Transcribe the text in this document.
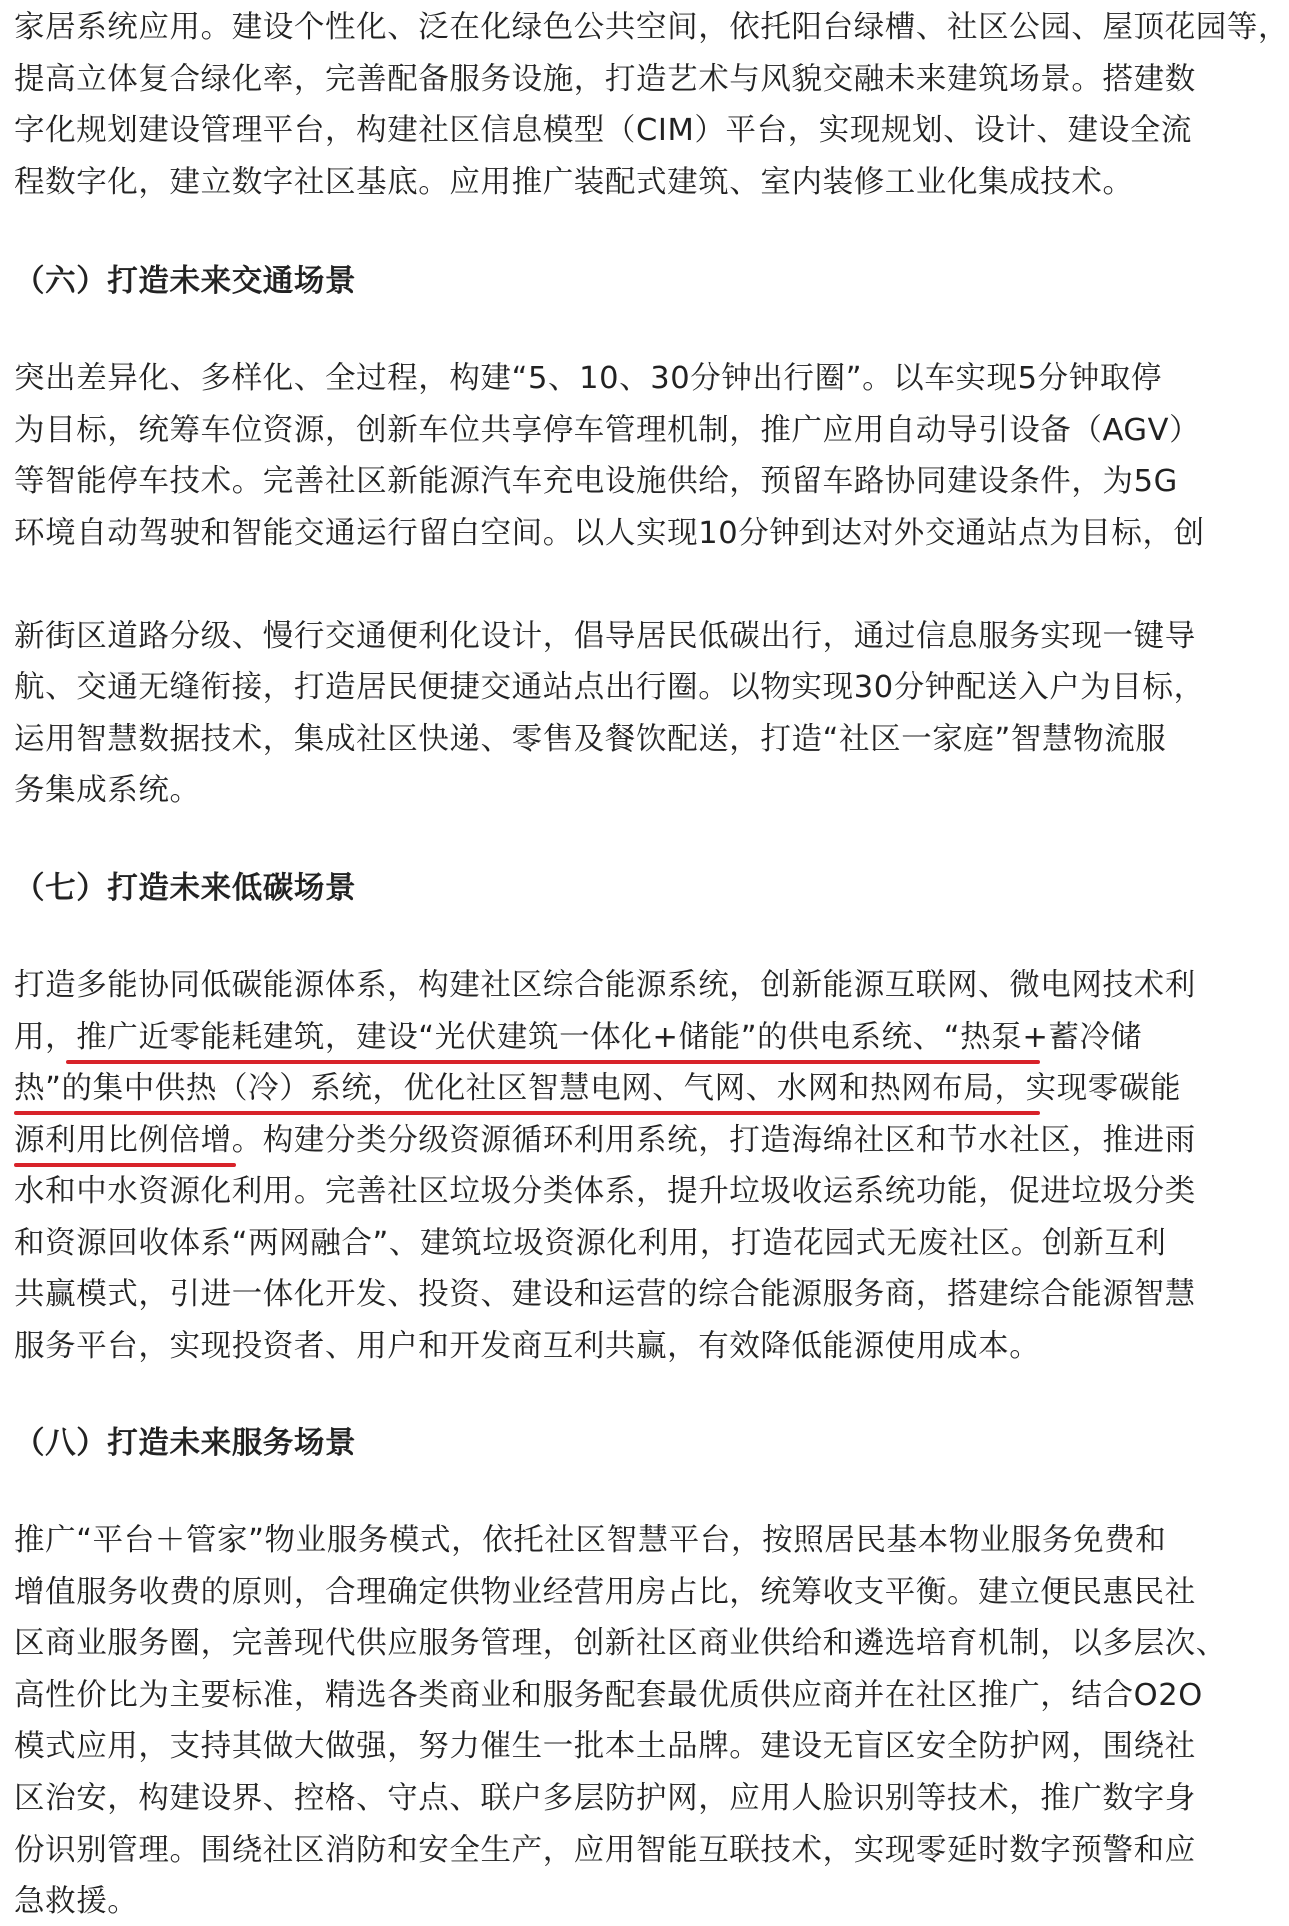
家居系统应用。建设个性化、泛在化绿色公共空间，依托阳台绿槽、社区公园、屋顶花园等，
提高立体复合绿化率，完善配备服务设施，打造艺术与风貌交融未来建筑场景。搭建数
字化规划建设管理平台，构建社区信息模型（CIM）平台，实现规划、设计、建设全流
程数字化，建立数字社区基底。应用推广装配式建筑、室内装修工业化集成技术。
（六）打造未来交通场景
突出差异化、多样化、全过程，构建“5、10、30分钟出行圈”。以车实现5分钟取停
为目标，统筹车位资源，创新车位共享停车管理机制，推广应用自动导引设备（AGV）
等智能停车技术。完善社区新能源汽车充电设施供给，预留车路协同建设条件，为5G
环境自动驾驶和智能交通运行留白空间。以人实现10分钟到达对外交通站点为目标，创
新街区道路分级、慢行交通便利化设计，倡导居民低碳出行，通过信息服务实现一键导
航、交通无缝衔接，打造居民便捷交通站点出行圈。以物实现30分钟配送入户为目标，
运用智慧数据技术，集成社区快递、零售及餐饮配送，打造“社区一家庭”智慧物流服
务集成系统。
（七）打造未来低碳场景
打造多能协同低碳能源体系，构建社区综合能源系统，创新能源互联网、微电网技术利
用，推广近零能耗建筑，建设“光伏建筑一体化+储能”的供电系统、“热泵+蓄冷储
热”的集中供热（冷）系统，优化社区智慧电网、气网、水网和热网布局，实现零碳能
源利用比例倍增。构建分类分级资源循环利用系统，打造海绵社区和节水社区，推进雨
水和中水资源化利用。完善社区垃圾分类体系，提升垃圾收运系统功能，促进垃圾分类
和资源回收体系“两网融合”、建筑垃圾资源化利用，打造花园式无废社区。创新互利
共赢模式，引进一体化开发、投资、建设和运营的综合能源服务商，搭建综合能源智慧
服务平台，实现投资者、用户和开发商互利共赢，有效降低能源使用成本。
（八）打造未来服务场景
推广“平台＋管家”物业服务模式，依托社区智慧平台，按照居民基本物业服务免费和
增值服务收费的原则，合理确定供物业经营用房占比，统筹收支平衡。建立便民惠民社
区商业服务圈，完善现代供应服务管理，创新社区商业供给和遴选培育机制，以多层次、
高性价比为主要标准，精选各类商业和服务配套最优质供应商并在社区推广，结合O2O
模式应用，支持其做大做强，努力催生一批本土品牌。建设无盲区安全防护网，围绕社
区治安，构建设界、控格、守点、联户多层防护网，应用人脸识别等技术，推广数字身
份识别管理。围绕社区消防和安全生产，应用智能互联技术，实现零延时数字预警和应
急救援。
